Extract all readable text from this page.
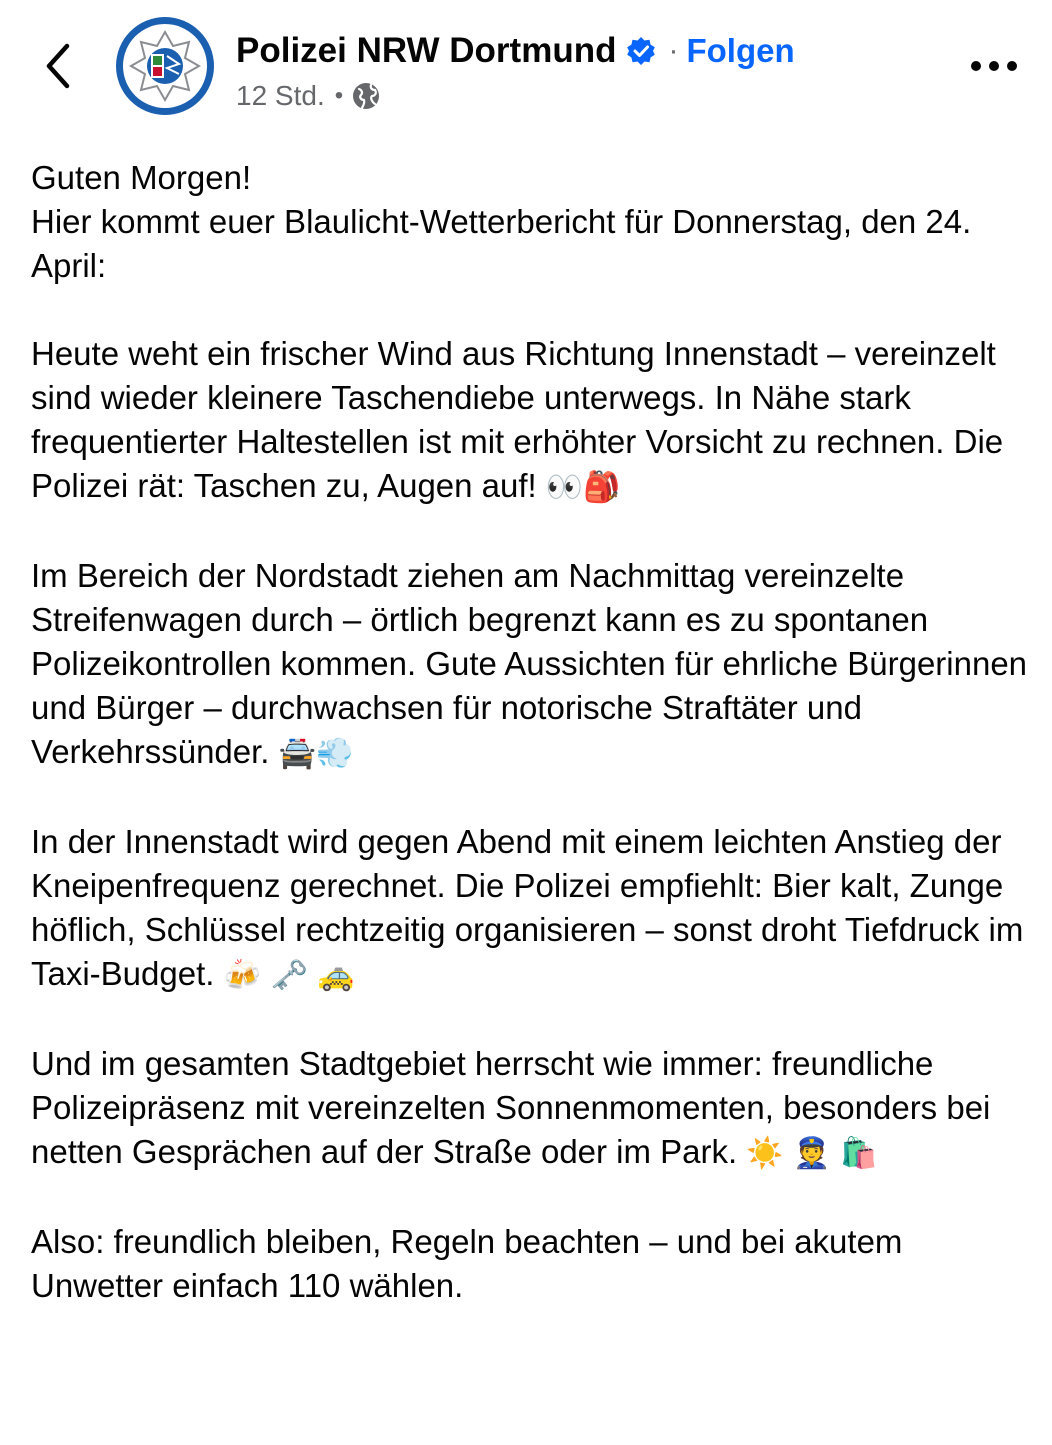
Polizei NRW Dortmund · Folgen
12 Std. •

Guten Morgen!

Hier kommt euer Blaulicht-Wetterbericht für Donnerstag, den 24. April:

Heute weht ein frischer Wind aus Richtung Innenstadt – vereinzelt sind wieder kleinere Taschendiebe unterwegs. In Nähe stark frequentierter Haltestellen ist mit erhöhter Vorsicht zu rechnen. Die Polizei rät: Taschen zu, Augen auf! 👀🎒

Im Bereich der Nordstadt ziehen am Nachmittag vereinzelte Streifenwagen durch – örtlich begrenzt kann es zu spontanen Polizeikontrollen kommen. Gute Aussichten für ehrliche Bürgerinnen und Bürger – durchwachsen für notorische Straftäter und Verkehrssünder. 🚔💨

In der Innenstadt wird gegen Abend mit einem leichten Anstieg der Kneipenfrequenz gerechnet. Die Polizei empfiehlt: Bier kalt, Zunge höflich, Schlüssel rechtzeitig organisieren – sonst droht Tiefdruck im Taxi-Budget. 🍻 🗝️ 🚕

Und im gesamten Stadtgebiet herrscht wie immer: freundliche Polizeipräsenz mit vereinzelten Sonnenmomenten, besonders bei netten Gesprächen auf der Straße oder im Park. ☀️ 👮 🛍️

Also: freundlich bleiben, Regeln beachten – und bei akutem Unwetter einfach 110 wählen.
